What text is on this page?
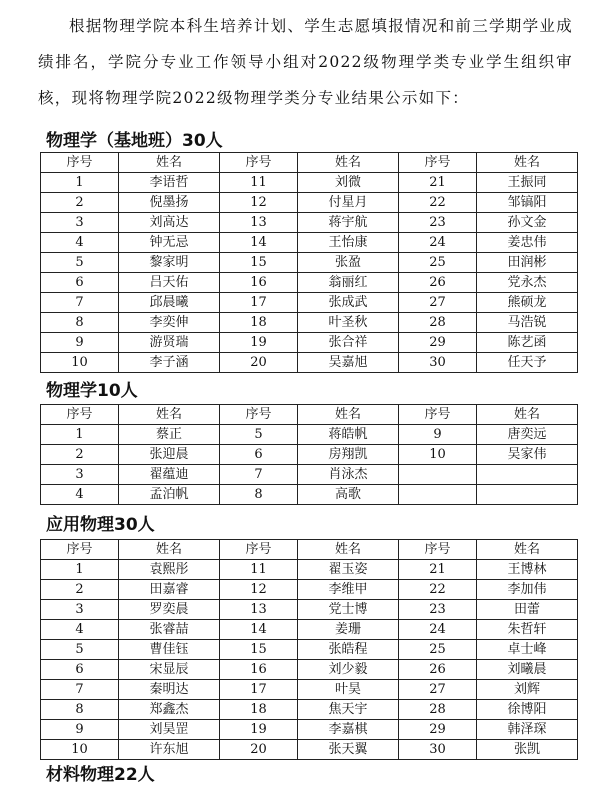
根据物理学院本科生培养计划、学生志愿填报情况和前三学期学业成绩排名，学院分专业工作领导小组对2022级物理学类专业学生组织审核，现将物理学院2022级物理学类分专业结果公示如下：
物理学（基地班）30人
序号	姓名	序号	姓名	序号	姓名
1	李语哲	11	刘微	21	王振同
2	倪墨扬	12	付星月	22	邹镐阳
3	刘高达	13	蒋宇航	23	孙文金
4	钟无忌	14	王怡康	24	姜忠伟
5	黎家明	15	张盈	25	田润彬
6	吕天佑	16	翁丽红	26	党永杰
7	邱晨曦	17	张成武	27	熊硕龙
8	李奕伸	18	叶圣秋	28	马浩锐
9	游贤瑞	19	张合祥	29	陈艺函
10	李子涵	20	吴嘉旭	30	任天予
物理学10人
序号	姓名	序号	姓名	序号	姓名
1	蔡正	5	蒋皓帆	9	唐奕远
2	张迎晨	6	房翔凯	10	吴家伟
3	翟蕴迪	7	肖泳杰		
4	孟泊帆	8	高歌		
应用物理30人
序号	姓名	序号	姓名	序号	姓名
1	袁熙彤	11	翟玉姿	21	王博林
2	田嘉睿	12	李维甲	22	李加伟
3	罗奕晨	13	党士博	23	田蕾
4	张睿喆	14	姜珊	24	朱哲轩
5	曹佳钰	15	张皓程	25	卓士峰
6	宋显辰	16	刘少毅	26	刘曦晨
7	秦明达	17	叶昊	27	刘辉
8	郑鑫杰	18	焦天宇	28	徐博阳
9	刘昊罡	19	李嘉棋	29	韩泽琛
10	许东旭	20	张天翼	30	张凯
材料物理22人
